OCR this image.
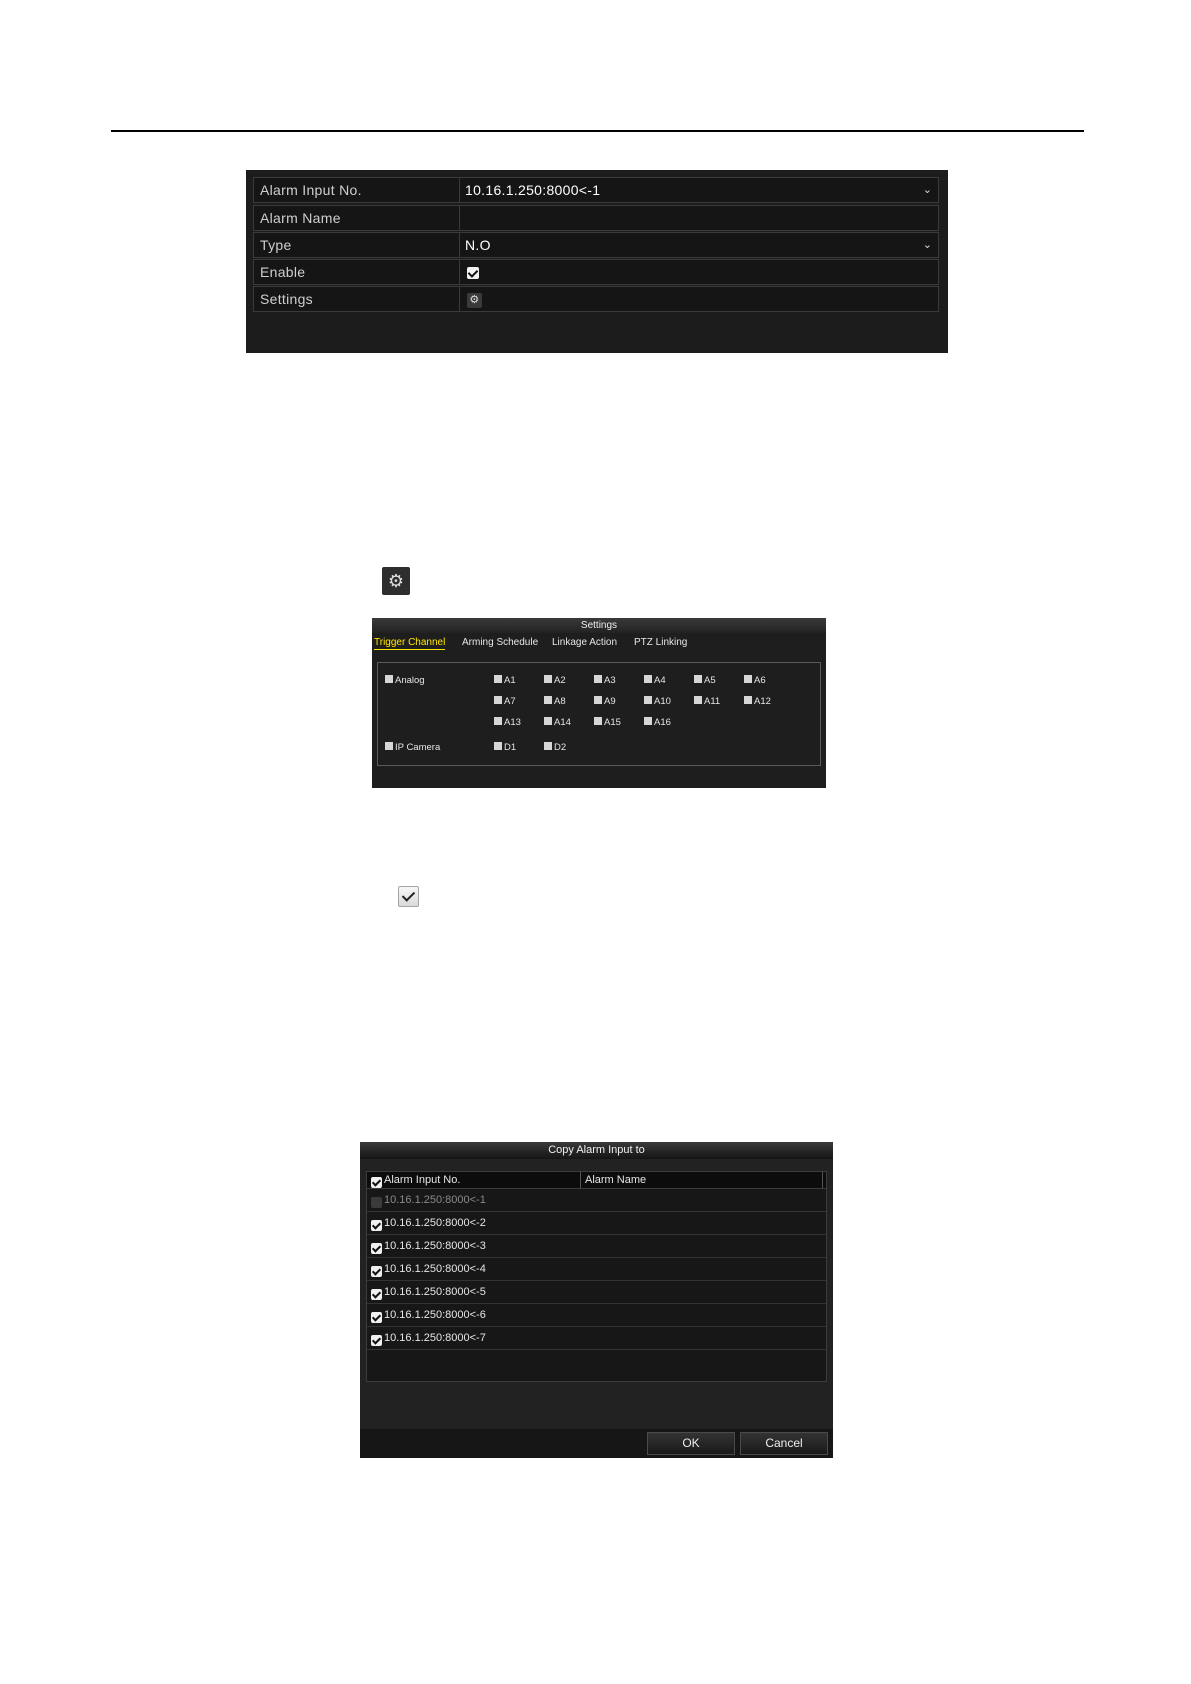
Alarm Input No.	10.16.1.250:8000<-1	⌄
Alarm Name
Type	N.O	⌄
Enable
Settings	⚙
⚙
Settings
Trigger Channel Arming Schedule Linkage Action PTZ Linking
Analog	A1	A2	A3	A4	A5	A6
A7	A8	A9	A10	A11	A12
A13	A14	A15	A16
IP Camera	D1	D2
Copy Alarm Input to
Alarm Input No.	Alarm Name
10.16.1.250:8000<-1
10.16.1.250:8000<-2
10.16.1.250:8000<-3
10.16.1.250:8000<-4
10.16.1.250:8000<-5
10.16.1.250:8000<-6
10.16.1.250:8000<-7
OK	Cancel
